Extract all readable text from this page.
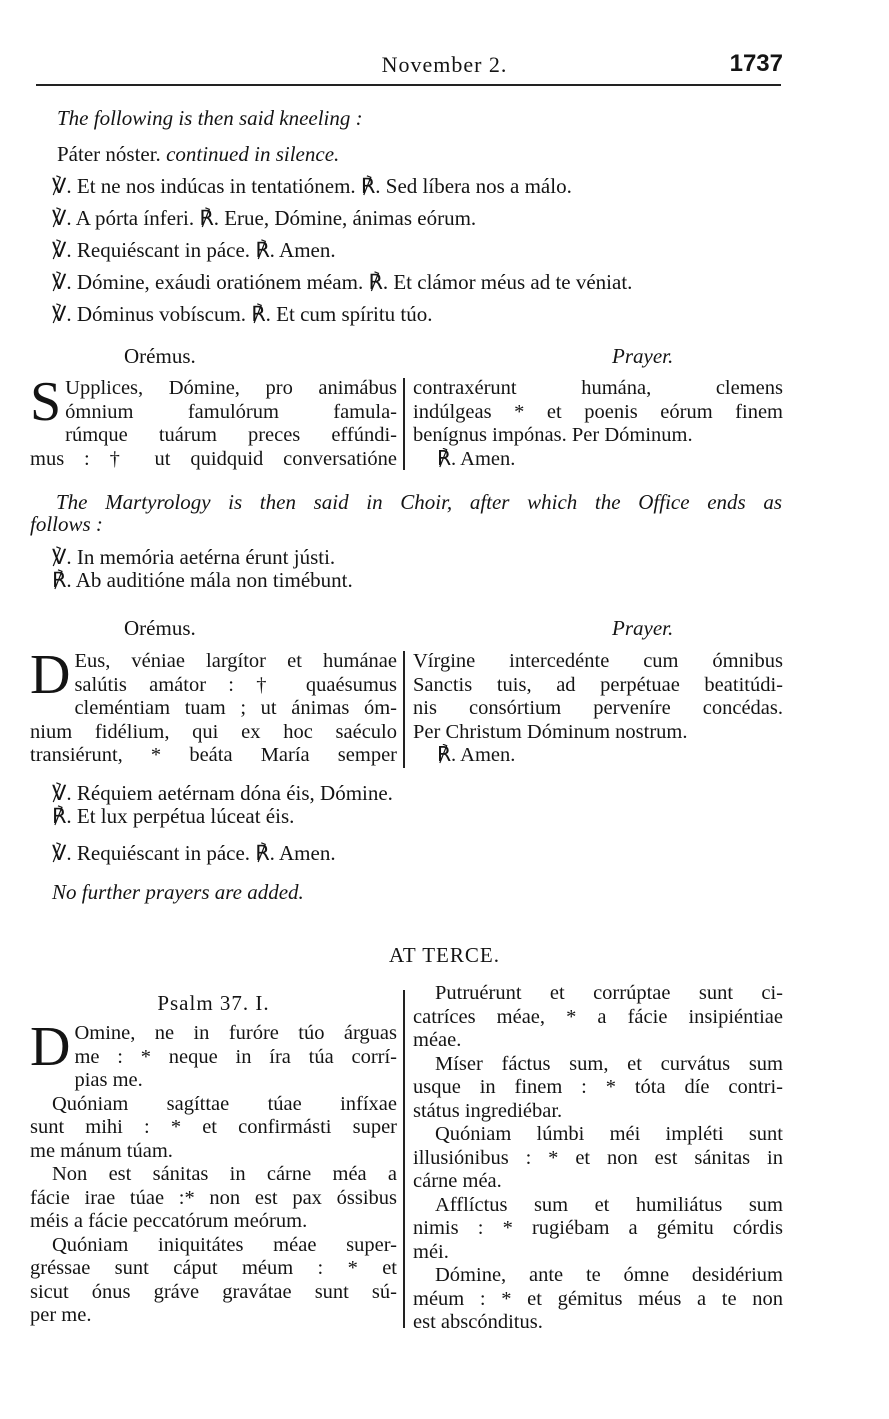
November 2.	1737
The following is then said kneeling :
Páter nóster. continued in silence.
℣. Et ne nos indúcas in tentatiónem. ℟. Sed líbera nos a málo.
℣. A pórta ínferi. ℟. Erue, Dómine, ánimas eórum.
℣. Requiéscant in páce. ℟. Amen.
℣. Dómine, exáudi oratiónem méam. ℟. Et clámor méus ad te véniat.
℣. Dóminus vobíscum. ℟. Et cum spíritu túo.
Orémus.	Prayer.
S Upplices, Dómine, pro animábus
ómnium famulórum famula-
rúmque tuárum preces effúndi-
mus : † ut quidquid conversatióne
contraxérunt humána, clemens
indúlgeas * et poenis eórum finem
benígnus impónas. Per Dóminum.
℟. Amen.
The Martyrology is then said in Choir, after which the Office ends as
follows :
℣. In memória aetérna érunt jústi.
℟. Ab auditióne mála non timébunt.
Orémus.	Prayer.
D Eus, véniae largítor et humánae
salútis amátor : † quaésumus
cleméntiam tuam ; ut ánimas óm-
nium fidélium, qui ex hoc saéculo
transiérunt, * beáta María semper
Vírgine intercedénte cum ómnibus
Sanctis tuis, ad perpétuae beatitúdi-
nis consórtium perveníre concédas.
Per Christum Dóminum nostrum.
℟. Amen.
℣. Réquiem aetérnam dóna éis, Dómine.
℟. Et lux perpétua lúceat éis.
℣. Requiéscant in páce. ℟. Amen.
No further prayers are added.
AT TERCE.
Psalm 37. I.
D Omine, ne in furóre túo árguas
me : * neque in íra túa corrí-
pias me.
Quóniam sagíttae túae infíxae
sunt mihi : * et confirmásti super
me mánum túam.
Non est sánitas in cárne méa a
fácie irae túae :* non est pax óssibus
méis a fácie peccatórum meórum.
Quóniam iniquitátes méae super-
gréssae sunt cáput méum : * et
sicut ónus gráve gravátae sunt sú-
per me.
Putruérunt et corrúptae sunt ci-
catríces méae, * a fácie insipiéntiae
méae.
Míser fáctus sum, et curvátus sum
usque in finem : * tóta díe contri-
státus ingrediébar.
Quóniam lúmbi méi impléti sunt
illusiónibus : * et non est sánitas in
cárne méa.
Afflíctus sum et humiliátus sum
nimis : * rugiébam a gémitu córdis
méi.
Dómine, ante te ómne desidérium
méum : * et gémitus méus a te non
est abscónditus.
